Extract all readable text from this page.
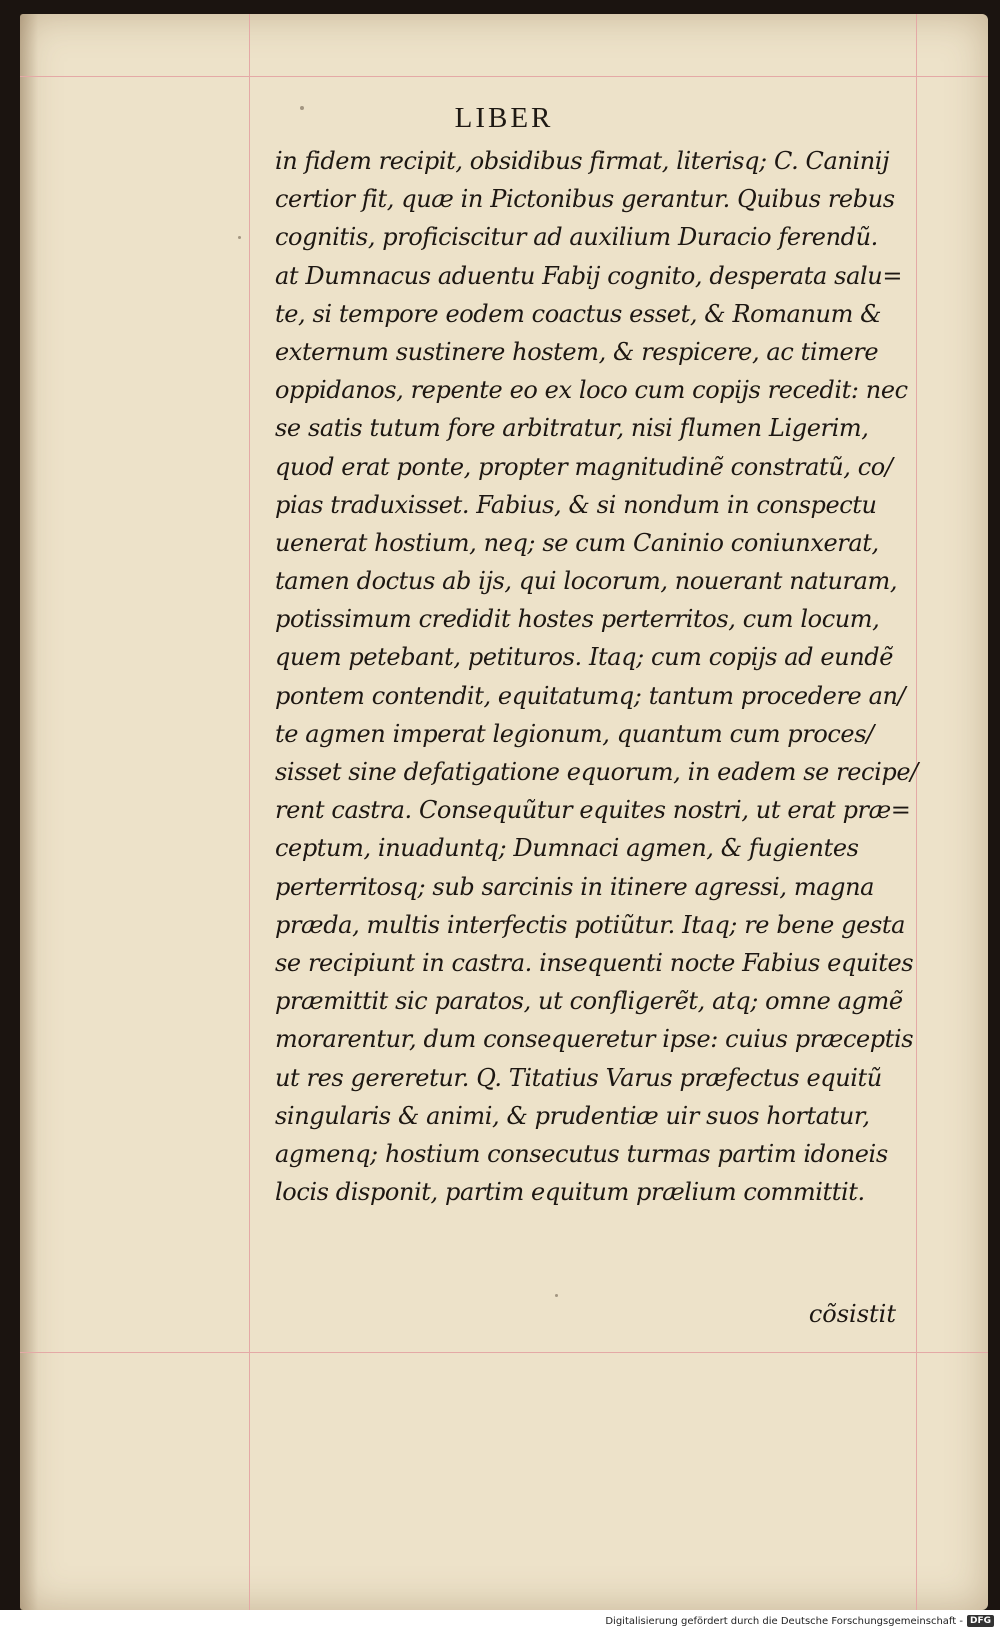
LIBER
in fidem recipit, obsidibus firmat, literisq; C. Caninij
certior fit, quæ in Pictonibus gerantur. Quibus rebus
cognitis, proficiscitur ad auxilium Duracio ferendũ.
at Dumnacus aduentu Fabij cognito, desperata salu=
te, si tempore eodem coactus esset, & Romanum &
externum sustinere hostem, & respicere, ac timere
oppidanos, repente eo ex loco cum copijs recedit: nec
se satis tutum fore arbitratur, nisi flumen Ligerim,
quod erat ponte, propter magnitudinẽ constratũ, co/
pias traduxisset. Fabius, & si nondum in conspectu
uenerat hostium, neq; se cum Caninio coniunxerat,
tamen doctus ab ijs, qui locorum, nouerant naturam,
potissimum credidit hostes perterritos, cum locum,
quem petebant, petituros. Itaq; cum copijs ad eundẽ
pontem contendit, equitatumq; tantum procedere an/
te agmen imperat legionum, quantum cum proces/
sisset sine defatigatione equorum, in eadem se recipe/
rent castra. Consequũtur equites nostri, ut erat præ=
ceptum, inuaduntq; Dumnaci agmen, & fugientes
perterritosq; sub sarcinis in itinere agressi, magna
præda, multis interfectis potiũtur. Itaq; re bene gesta
se recipiunt in castra. insequenti nocte Fabius equites
præmittit sic paratos, ut confligerẽt, atq; omne agmẽ
morarentur, dum consequeretur ipse: cuius præceptis
ut res gereretur. Q. Titatius Varus præfectus equitũ
singularis & animi, & prudentiæ uir suos hortatur,
agmenq; hostium consecutus turmas partim idoneis
locis disponit, partim equitum prælium committit.
cõsistit
Digitalisierung gefördert durch die Deutsche Forschungsgemeinschaft - DFG
